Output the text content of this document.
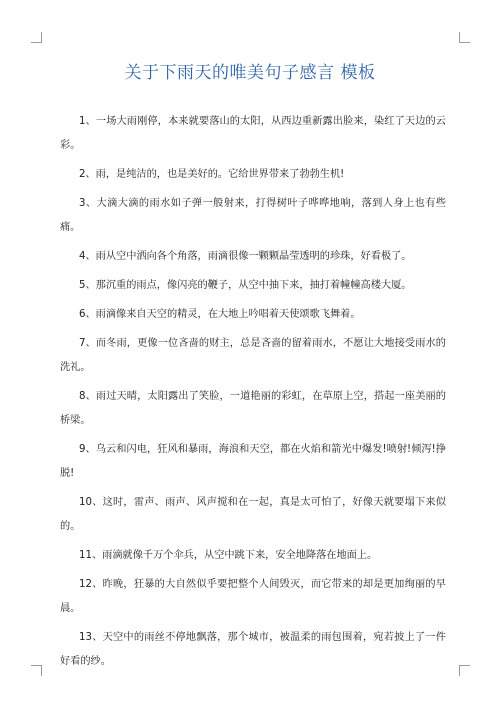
关于下雨天的唯美句子感言 模板

1、一场大雨刚停，本来就要落山的太阳，从西边重新露出脸来，染红了天边的云彩。

2、雨，是纯洁的，也是美好的。它给世界带来了勃勃生机!

3、大滴大滴的雨水如子弹一般射来，打得树叶子哗哗地响，落到人身上也有些痛。

4、雨从空中洒向各个角落，雨滴很像一颗颗晶莹透明的珍珠，好看极了。

5、那沉重的雨点，像闪亮的鞭子，从空中抽下来，抽打着幢幢高楼大厦。

6、雨滴像来自天空的精灵，在大地上吟唱着天使颂歌飞舞着。

7、而冬雨，更像一位吝啬的财主，总是吝啬的留着雨水，不愿让大地接受雨水的洗礼。

8、雨过天晴，太阳露出了笑脸，一道艳丽的彩虹，在草原上空，搭起一座美丽的桥梁。

9、乌云和闪电，狂风和暴雨，海浪和天空，都在火焰和箭光中爆发!喷射!倾泻!挣脱!

10、这时，雷声、雨声、风声搅和在一起，真是太可怕了，好像天就要塌下来似的。

11、雨滴就像千万个伞兵，从空中跳下来，安全地降落在地面上。

12、昨晚，狂暴的大自然似乎要把整个人间毁灭，而它带来的却是更加绚丽的早晨。

13、天空中的雨丝不停地飘落，那个城市，被温柔的雨包围着，宛若披上了一件好看的纱。
